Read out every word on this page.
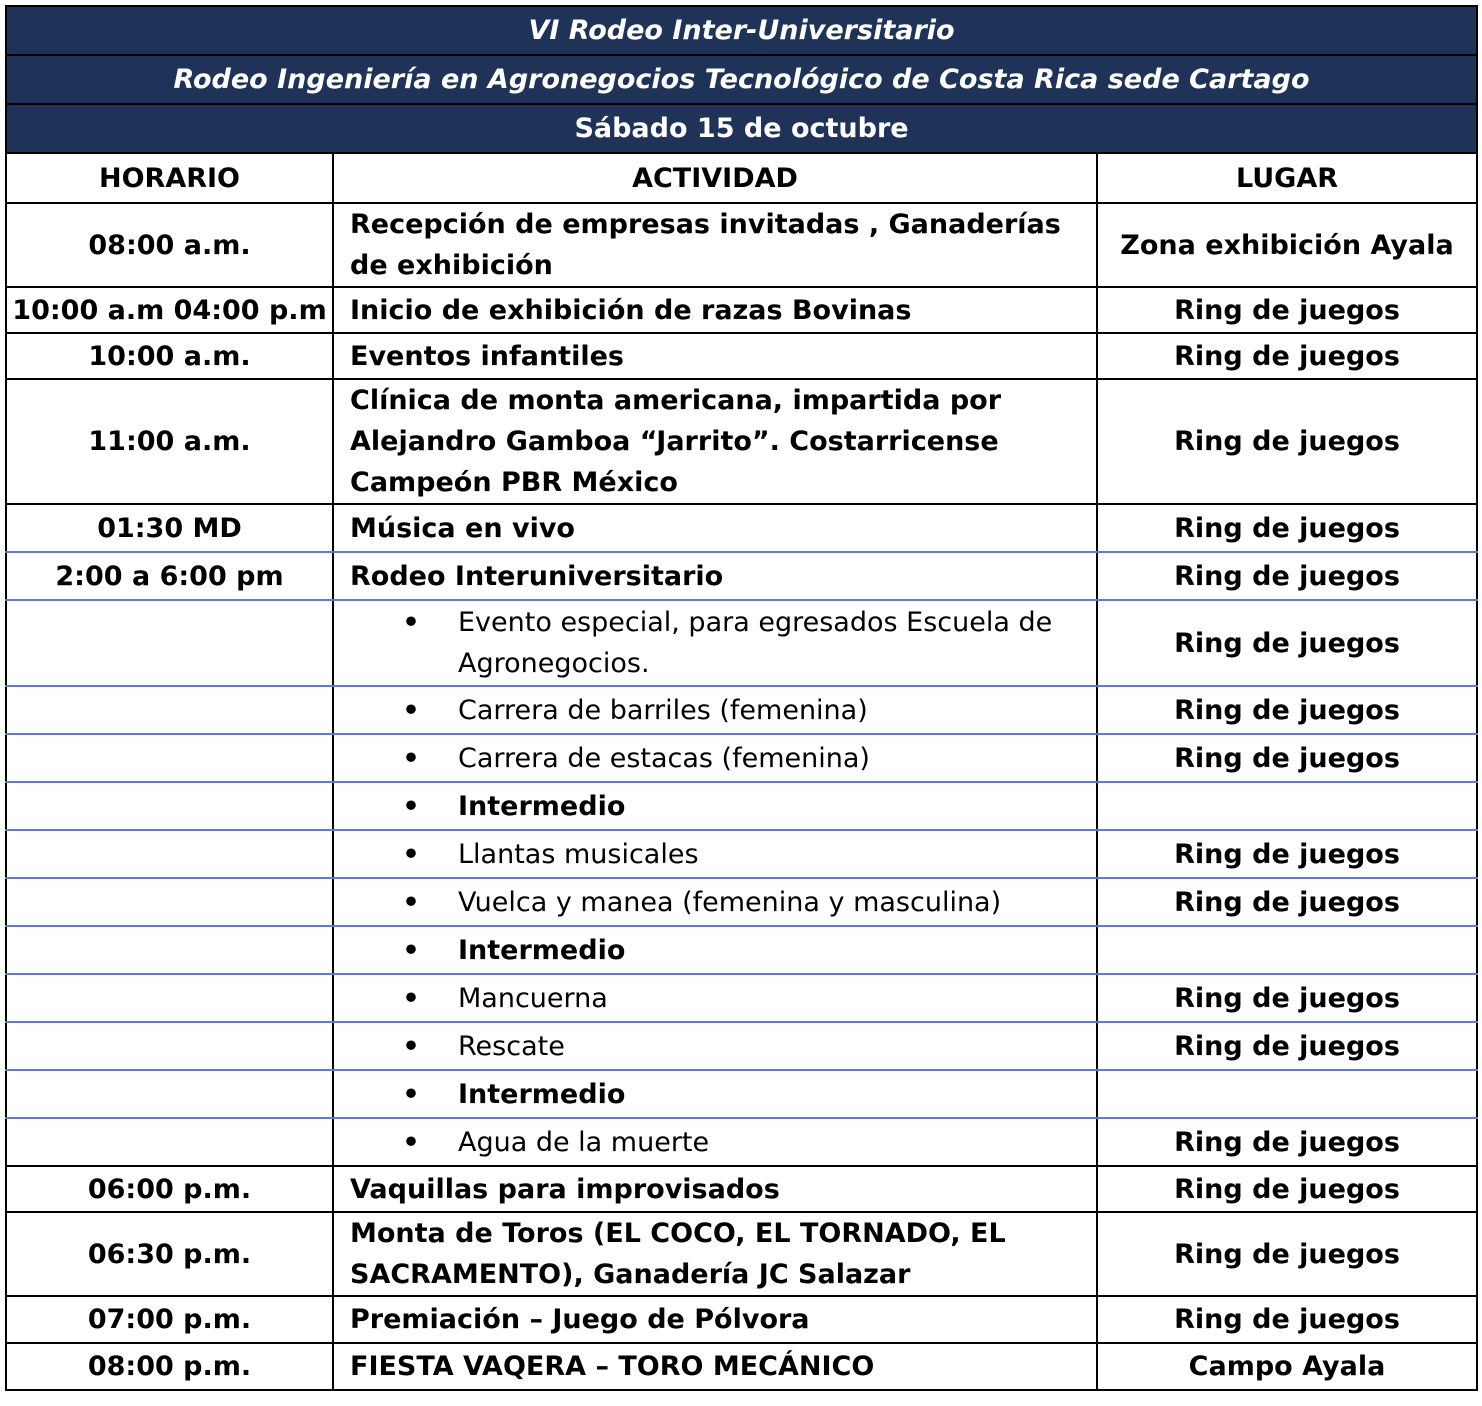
VI Rodeo Inter-Universitario		
Rodeo Ingeniería en Agronegocios Tecnológico de Costa Rica sede Cartago		
Sábado 15 de octubre		
HORARIO	ACTIVIDAD	LUGAR
08:00 a.m.	Recepción de empresas invitadas , Ganaderías de exhibición	Zona exhibición Ayala
10:00 a.m 04:00 p.m	Inicio de exhibición de razas Bovinas	Ring de juegos
10:00 a.m.	Eventos infantiles	Ring de juegos
11:00 a.m.	Clínica de monta americana, impartida por Alejandro Gamboa “Jarrito”. Costarricense Campeón PBR México	Ring de juegos
01:30 MD	Música en vivo	Ring de juegos
2:00 a 6:00 pm	Rodeo Interuniversitario	Ring de juegos

	• Evento especial, para egresados Escuela de Agronegocios.	Ring de juegos

	• Carrera de barriles (femenina)	Ring de juegos

	• Carrera de estacas (femenina)	Ring de juegos

	• Intermedio	

	• Llantas musicales	Ring de juegos

	• Vuelca y manea (femenina y masculina)	Ring de juegos

	• Intermedio	

	• Mancuerna	Ring de juegos

	• Rescate	Ring de juegos

	• Intermedio	

	• Agua de la muerte	Ring de juegos
06:00 p.m.	Vaquillas para improvisados	Ring de juegos
06:30 p.m.	Monta de Toros (EL COCO, EL TORNADO, EL SACRAMENTO), Ganadería JC Salazar	Ring de juegos
07:00 p.m.	Premiación – Juego de Pólvora	Ring de juegos
08:00 p.m.	FIESTA VAQERA – TORO MECÁNICO	Campo Ayala
